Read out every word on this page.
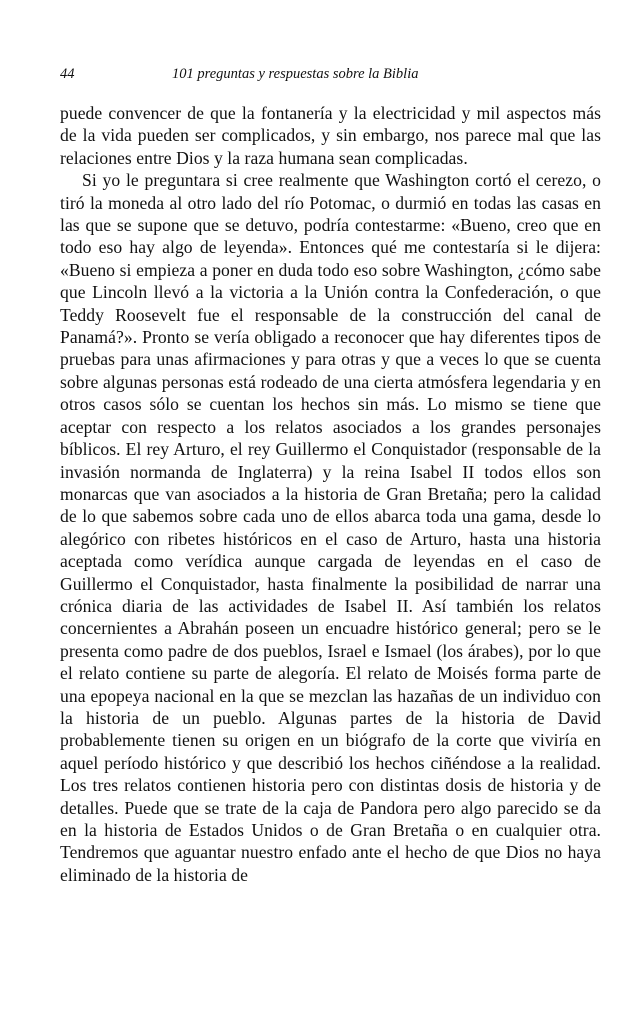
44	101 preguntas y respuestas sobre la Biblia

puede convencer de que la fontanería y la electricidad y mil aspectos más de la vida pueden ser complicados, y sin embargo, nos parece mal que las relaciones entre Dios y la raza humana sean complicadas.

Si yo le preguntara si cree realmente que Washington cortó el cerezo, o tiró la moneda al otro lado del río Potomac, o durmió en todas las casas en las que se supone que se detuvo, podría contestarme: «Bueno, creo que en todo eso hay algo de leyenda». Entonces qué me contestaría si le dijera: «Bueno si empieza a poner en duda todo eso sobre Washington, ¿cómo sabe que Lincoln llevó a la victoria a la Unión contra la Confederación, o que Teddy Roosevelt fue el responsable de la construcción del canal de Panamá?». Pronto se vería obligado a reconocer que hay diferentes tipos de pruebas para unas afirmaciones y para otras y que a veces lo que se cuenta sobre algunas personas está rodeado de una cierta atmósfera legendaria y en otros casos sólo se cuentan los hechos sin más. Lo mismo se tiene que aceptar con respecto a los relatos asociados a los grandes personajes bíblicos. El rey Arturo, el rey Guillermo el Conquistador (responsable de la invasión normanda de Inglaterra) y la reina Isabel II todos ellos son monarcas que van asociados a la historia de Gran Bretaña; pero la calidad de lo que sabemos sobre cada uno de ellos abarca toda una gama, desde lo alegórico con ribetes históricos en el caso de Arturo, hasta una historia aceptada como verídica aunque cargada de leyendas en el caso de Guillermo el Conquistador, hasta finalmente la posibilidad de narrar una crónica diaria de las actividades de Isabel II. Así también los relatos concernientes a Abrahán poseen un encuadre histórico general; pero se le presenta como padre de dos pueblos, Israel e Ismael (los árabes), por lo que el relato contiene su parte de alegoría. El relato de Moisés forma parte de una epopeya nacional en la que se mezclan las hazañas de un individuo con la historia de un pueblo. Algunas partes de la historia de David probablemente tienen su origen en un biógrafo de la corte que viviría en aquel período histórico y que describió los hechos ciñéndose a la realidad. Los tres relatos contienen historia pero con distintas dosis de historia y de detalles. Puede que se trate de la caja de Pandora pero algo parecido se da en la historia de Estados Unidos o de Gran Bretaña o en cualquier otra. Tendremos que aguantar nuestro enfado ante el hecho de que Dios no haya eliminado de la historia de
